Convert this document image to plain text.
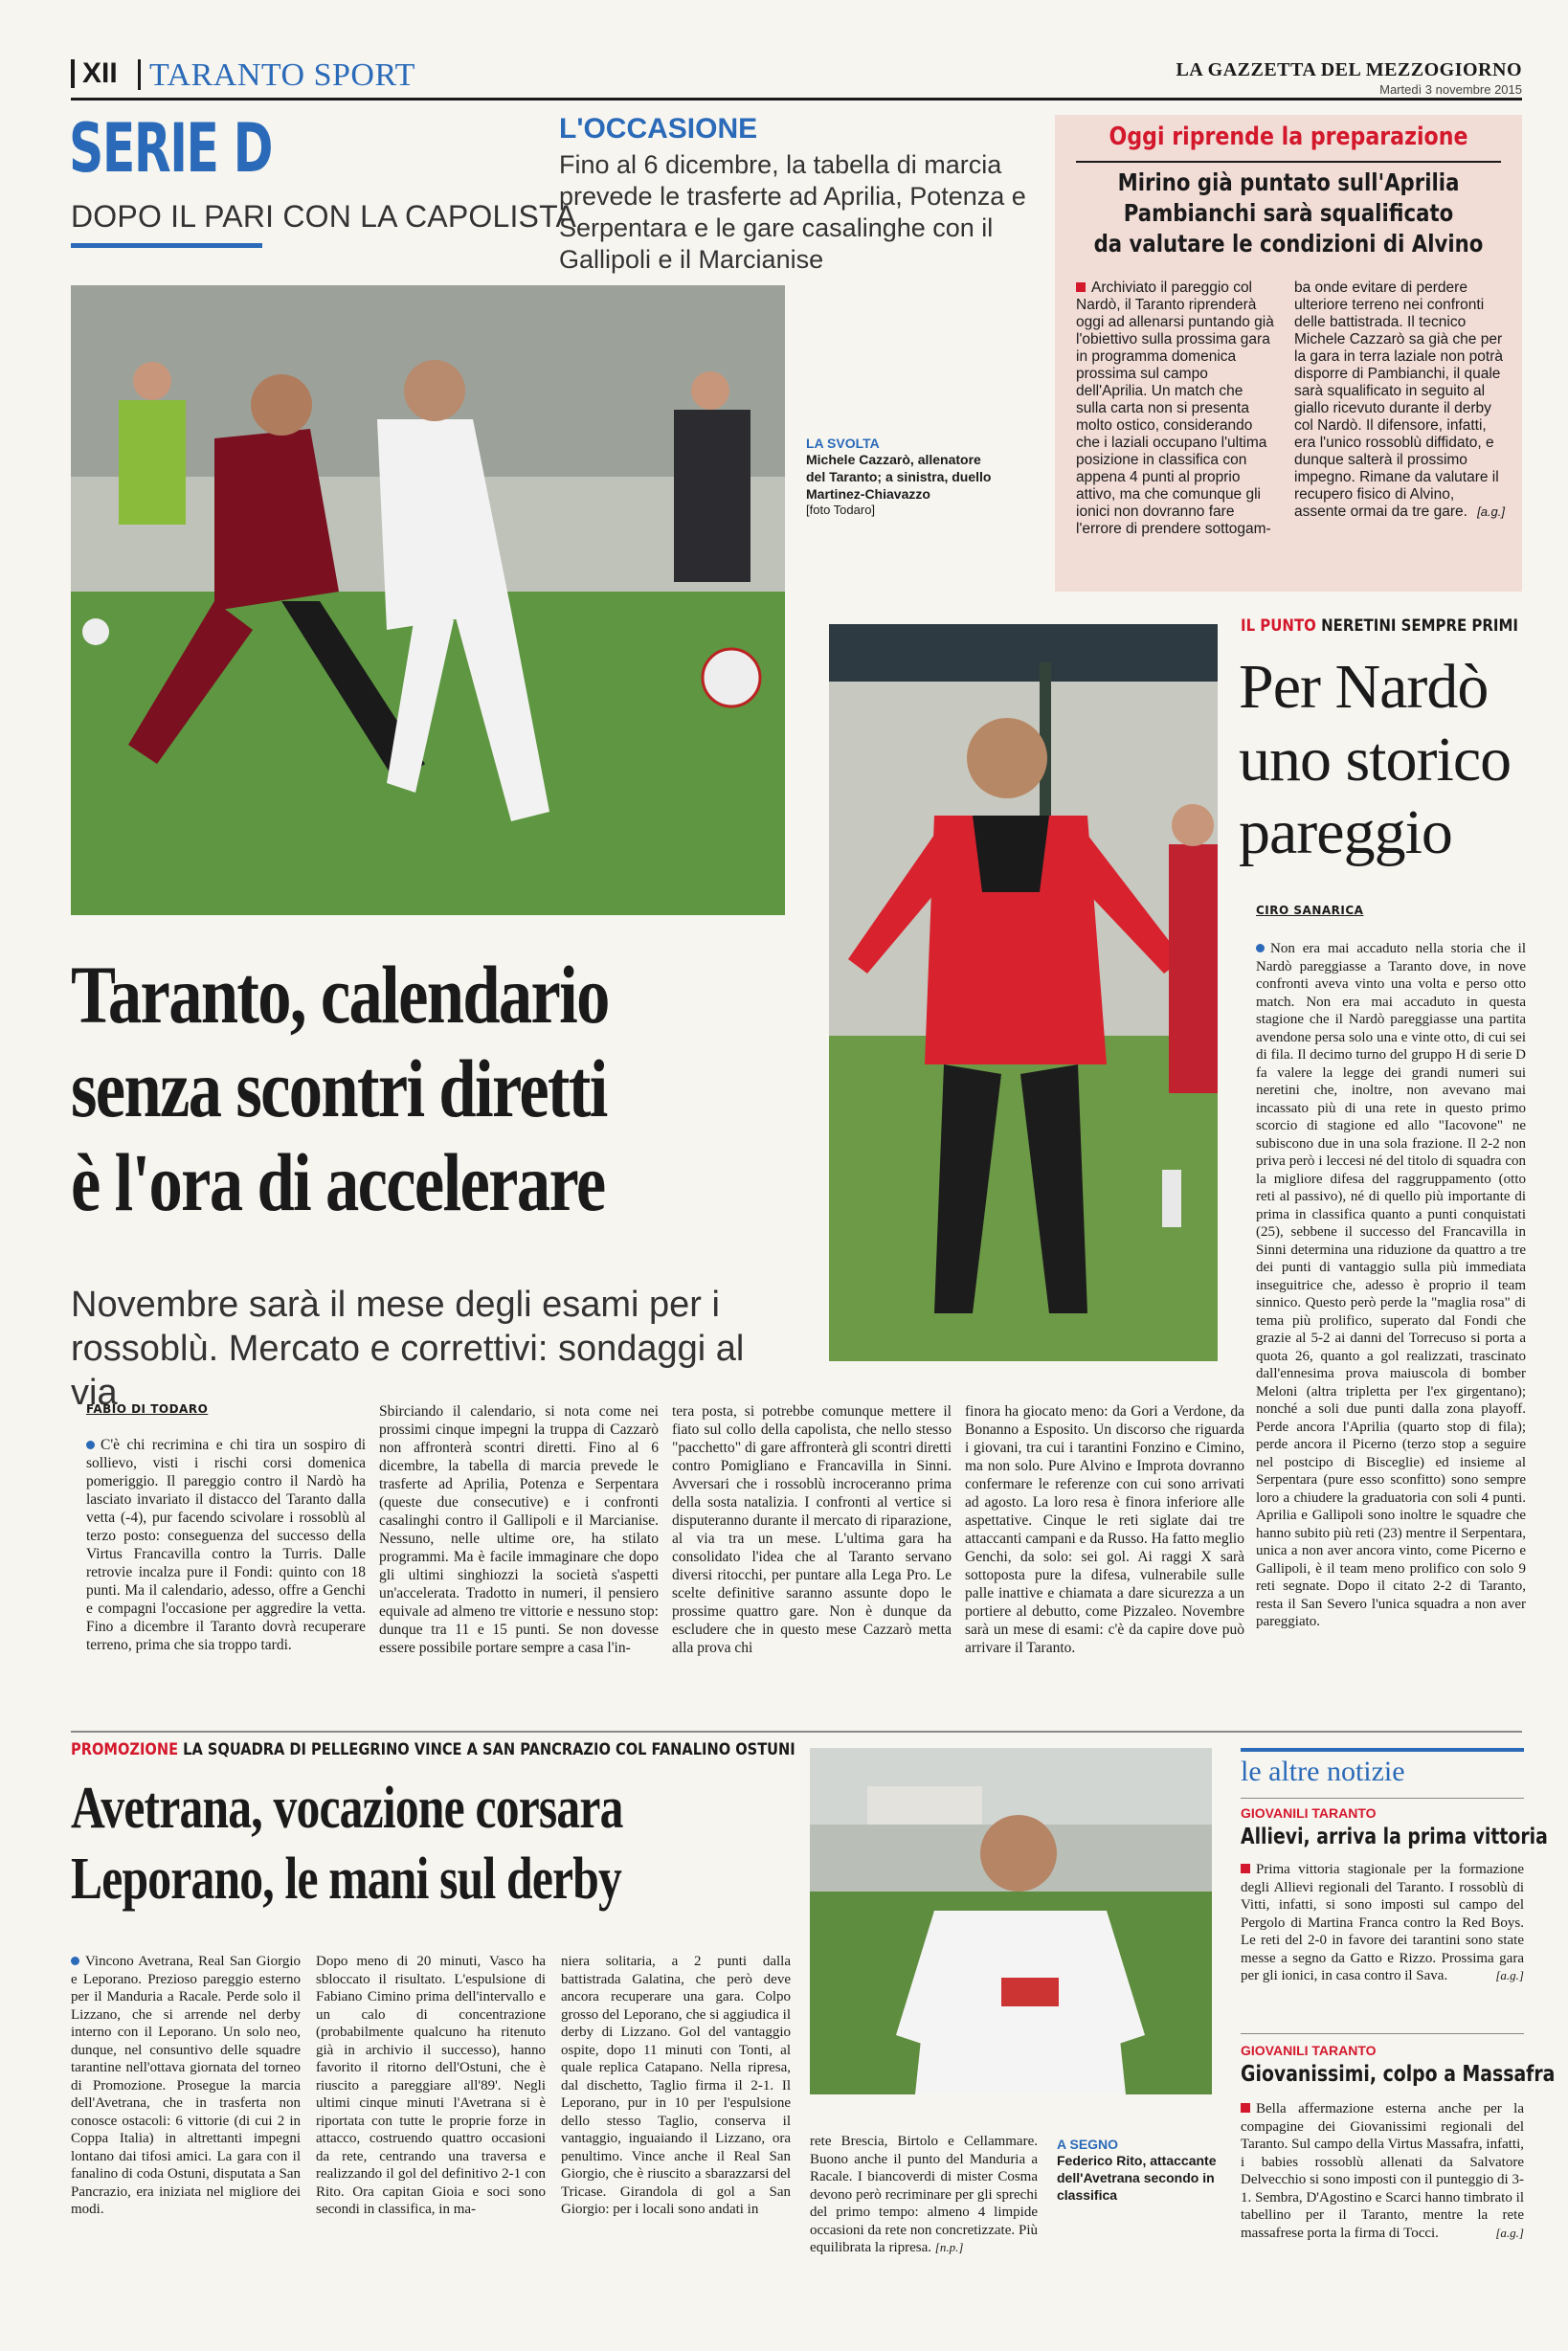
XII TARANTO SPORT	LA GAZZETTA DEL MEZZOGIORNO
Martedì 3 novembre 2015
SERIE D
DOPO IL PARI CON LA CAPOLISTA
L'OCCASIONE
Fino al 6 dicembre, la tabella di marcia prevede le trasferte ad Aprilia, Potenza e Serpentara e le gare casalinghe con il Gallipoli e il Marcianise
Oggi riprende la preparazione
Mirino già puntato sull'Aprilia
Pambianchi sarà squalificato
da valutare le condizioni di Alvino
Archiviato il pareggio col Nardò, il Taranto riprenderà oggi ad allenarsi puntando già l'obiettivo sulla prossima gara in programma domenica prossima sul campo dell'Aprilia. Un match che sulla carta non si presenta molto ostico, considerando che i laziali occupano l'ultima posizione in classifica con appena 4 punti al proprio attivo, ma che comunque gli ionici non dovranno fare l'errore di prendere sottogam-
ba onde evitare di perdere ulteriore terreno nei confronti delle battistrada. Il tecnico Michele Cazzarò sa già che per la gara in terra laziale non potrà disporre di Pambianchi, il quale sarà squalificato in seguito al giallo ricevuto durante il derby col Nardò. Il difensore, infatti, era l'unico rossoblù diffidato, e dunque salterà il prossimo impegno. Rimane da valutare il recupero fisico di Alvino, assente ormai da tre gare. [a.g.]
LA SVOLTA
Michele Cazzarò, allenatore del Taranto; a sinistra, duello Martinez-Chiavazzo
[foto Todaro]
Taranto, calendario
senza scontri diretti
è l'ora di accelerare
Novembre sarà il mese degli esami per i rossoblù. Mercato e correttivi: sondaggi al via
FABIO DI TODARO
C'è chi recrimina e chi tira un sospiro di sollievo, visti i rischi corsi domenica pomeriggio. Il pareggio contro il Nardò ha lasciato invariato il distacco del Taranto dalla vetta (-4), pur facendo scivolare i rossoblù al terzo posto: conseguenza del successo della Virtus Francavilla contro la Turris. Dalle retrovie incalza pure il Fondi: quinto con 18 punti. Ma il calendario, adesso, offre a Genchi e compagni l'occasione per aggredire la vetta. Fino a dicembre il Taranto dovrà recuperare terreno, prima che sia troppo tardi.
Sbirciando il calendario, si nota come nei prossimi cinque impegni la truppa di Cazzarò non affronterà scontri diretti. Fino al 6 dicembre, la tabella di marcia prevede le trasferte ad Aprilia, Potenza e Serpentara (queste due consecutive) e i confronti casalinghi contro il Gallipoli e il Marcianise. Nessuno, nelle ultime ore, ha stilato programmi. Ma è facile immaginare che dopo gli ultimi singhiozzi la società s'aspetti un'accelerata. Tradotto in numeri, il pensiero equivale ad almeno tre vittorie e nessuno stop: dunque tra 11 e 15 punti. Se non dovesse essere possibile portare sempre a casa l'in-
tera posta, si potrebbe comunque mettere il fiato sul collo della capolista, che nello stesso "pacchetto" di gare affronterà gli scontri diretti contro Pomigliano e Francavilla in Sinni. Avversari che i rossoblù incroceranno prima della sosta natalizia. I confronti al vertice si disputeranno durante il mercato di riparazione, al via tra un mese. L'ultima gara ha consolidato l'idea che al Taranto servano diversi ritocchi, per puntare alla Lega Pro. Le scelte definitive saranno assunte dopo le prossime quattro gare. Non è dunque da escludere che in questo mese Cazzarò metta alla prova chi
finora ha giocato meno: da Gori a Verdone, da Bonanno a Esposito. Un discorso che riguarda i giovani, tra cui i tarantini Fonzino e Cimino, ma non solo. Pure Alvino e Improta dovranno confermare le referenze con cui sono arrivati ad agosto. La loro resa è finora inferiore alle aspettative. Cinque le reti siglate dai tre attaccanti campani e da Russo. Ha fatto meglio Genchi, da solo: sei gol. Ai raggi X sarà sottoposta pure la difesa, vulnerabile sulle palle inattive e chiamata a dare sicurezza a un portiere al debutto, come Pizzaleo. Novembre sarà un mese di esami: c'è da capire dove può arrivare il Taranto.
IL PUNTO NERETINI SEMPRE PRIMI
Per Nardò
uno storico
pareggio
CIRO SANARICA
Non era mai accaduto nella storia che il Nardò pareggiasse a Taranto dove, in nove confronti aveva vinto una volta e perso otto match. Non era mai accaduto in questa stagione che il Nardò pareggiasse una partita avendone persa solo una e vinte otto, di cui sei di fila. Il decimo turno del gruppo H di serie D fa valere la legge dei grandi numeri sui neretini che, inoltre, non avevano mai incassato più di una rete in questo primo scorcio di stagione ed allo "Iacovone" ne subiscono due in una sola frazione. Il 2-2 non priva però i leccesi né del titolo di squadra con la migliore difesa del raggruppamento (otto reti al passivo), né di quello più importante di prima in classifica quanto a punti conquistati (25), sebbene il successo del Francavilla in Sinni determina una riduzione da quattro a tre dei punti di vantaggio sulla più immediata inseguitrice che, adesso è proprio il team sinnico. Questo però perde la "maglia rosa" di tema più prolifico, superato dal Fondi che grazie al 5-2 ai danni del Torrecuso si porta a quota 26, quanto a gol realizzati, trascinato dall'ennesima prova maiuscola di bomber Meloni (altra tripletta per l'ex girgentano); nonché a soli due punti dalla zona playoff. Perde ancora l'Aprilia (quarto stop di fila); perde ancora il Picerno (terzo stop a seguire nel postcipo di Bisceglie) ed insieme al Serpentara (pure esso sconfitto) sono sempre loro a chiudere la graduatoria con soli 4 punti. Aprilia e Gallipoli sono inoltre le squadre che hanno subito più reti (23) mentre il Serpentara, unica a non aver ancora vinto, come Picerno e Gallipoli, è il team meno prolifico con solo 9 reti segnate. Dopo il citato 2-2 di Taranto, resta il San Severo l'unica squadra a non aver pareggiato.
PROMOZIONE LA SQUADRA DI PELLEGRINO VINCE A SAN PANCRAZIO COL FANALINO OSTUNI
Avetrana, vocazione corsara
Leporano, le mani sul derby
Vincono Avetrana, Real San Giorgio e Leporano. Prezioso pareggio esterno per il Manduria a Racale. Perde solo il Lizzano, che si arrende nel derby interno con il Leporano. Un solo neo, dunque, nel consuntivo delle squadre tarantine nell'ottava giornata del torneo di Promozione. Prosegue la marcia dell'Avetrana, che in trasferta non conosce ostacoli: 6 vittorie (di cui 2 in Coppa Italia) in altrettanti impegni lontano dai tifosi amici. La gara con il fanalino di coda Ostuni, disputata a San Pancrazio, era iniziata nel migliore dei modi.
Dopo meno di 20 minuti, Vasco ha sbloccato il risultato. L'espulsione di Fabiano Cimino prima dell'intervallo e un calo di concentrazione (probabilmente qualcuno ha ritenuto già in archivio il successo), hanno favorito il ritorno dell'Ostuni, che è riuscito a pareggiare all'89'. Negli ultimi cinque minuti l'Avetrana si è riportata con tutte le proprie forze in attacco, costruendo quattro occasioni da rete, centrando una traversa e realizzando il gol del definitivo 2-1 con Rito. Ora capitan Gioia e soci sono secondi in classifica, in ma-
niera solitaria, a 2 punti dalla battistrada Galatina, che però deve ancora recuperare una gara. Colpo grosso del Leporano, che si aggiudica il derby di Lizzano. Gol del vantaggio ospite, dopo 11 minuti con Tonti, al quale replica Catapano. Nella ripresa, dal dischetto, Taglio firma il 2-1. Il Leporano, pur in 10 per l'espulsione dello stesso Taglio, conserva il vantaggio, inguaiando il Lizzano, ora penultimo. Vince anche il Real San Giorgio, che è riuscito a sbarazzarsi del Tricase. Girandola di gol a San Giorgio: per i locali sono andati in
rete Brescia, Birtolo e Cellammare. Buono anche il punto del Manduria a Racale. I biancoverdi di mister Cosma devono però recriminare per gli sprechi del primo tempo: almeno 4 limpide occasioni da rete non concretizzate. Più equilibrata la ripresa. [n.p.]
A SEGNO
Federico Rito, attaccante dell'Avetrana secondo in classifica
le altre notizie
GIOVANILI TARANTO
Allievi, arriva la prima vittoria
Prima vittoria stagionale per la formazione degli Allievi regionali del Taranto. I rossoblù di Vitti, infatti, si sono imposti sul campo del Pergolo di Martina Franca contro la Red Boys. Le reti del 2-0 in favore dei tarantini sono state messe a segno da Gatto e Rizzo. Prossima gara per gli ionici, in casa contro il Sava.	[a.g.]
GIOVANILI TARANTO
Giovanissimi, colpo a Massafra
Bella affermazione esterna anche per la compagine dei Giovanissimi regionali del Taranto. Sul campo della Virtus Massafra, infatti, i babies rossoblù allenati da Salvatore Delvecchio si sono imposti con il punteggio di 3-1. Sembra, D'Agostino e Scarci hanno timbrato il tabellino per il Taranto, mentre la rete massafrese porta la firma di Tocci.	[a.g.]
